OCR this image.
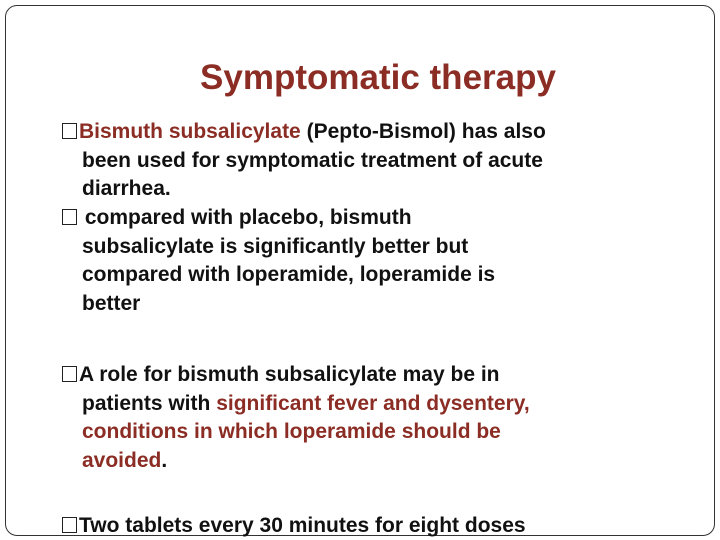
Symptomatic therapy
Bismuth subsalicylate (Pepto-Bismol) has also
been used for symptomatic treatment of acute
diarrhea.
compared with placebo, bismuth
subsalicylate is significantly better but
compared with loperamide, loperamide is
better
A role for bismuth subsalicylate may be in
patients with significant fever and dysentery,
conditions in which loperamide should be
avoided.
Two tablets every 30 minutes for eight doses
